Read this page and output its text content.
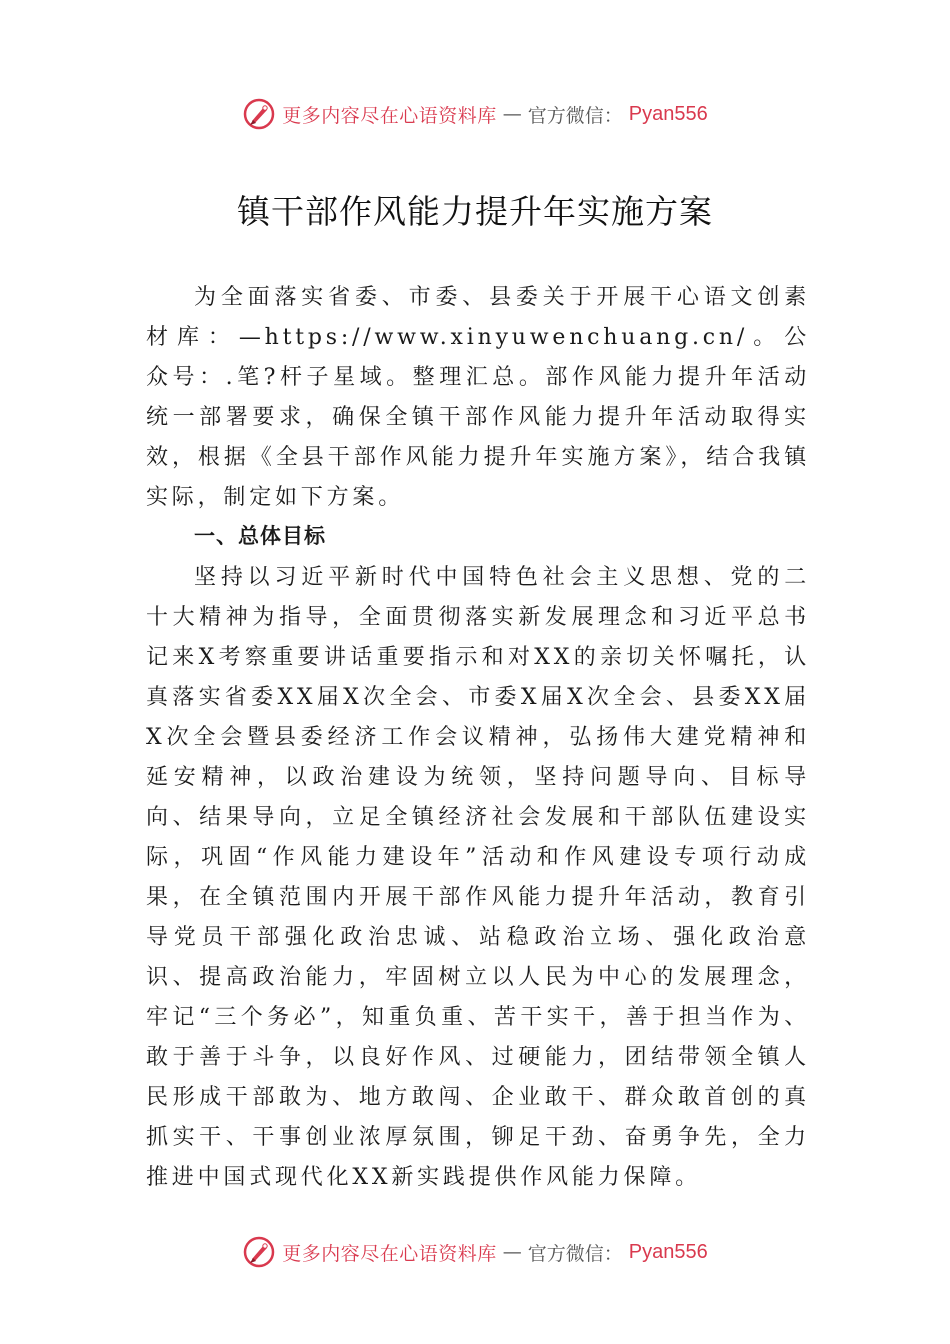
更多内容尽在心语资料库 — 官方微信： Pyan556
镇干部作风能力提升年实施方案

为全面落实省委、市委、县委关于开展干心语文创素材库：—https://www.xinyuwenchuang.cn/。公众号：.笔?杆子星域。整理汇总。部作风能力提升年活动统一部署要求，确保全镇干部作风能力提升年活动取得实效，根据《全县干部作风能力提升年实施方案》，结合我镇实际，制定如下方案。

一、总体目标

坚持以习近平新时代中国特色社会主义思想、党的二十大精神为指导，全面贯彻落实新发展理念和习近平总书记来X考察重要讲话重要指示和对XX的亲切关怀嘱托，认真落实省委XX届X次全会、市委X届X次全会、县委XX届X次全会暨县委经济工作会议精神，弘扬伟大建党精神和延安精神，以政治建设为统领，坚持问题导向、目标导向、结果导向，立足全镇经济社会发展和干部队伍建设实际，巩固“作风能力建设年”活动和作风建设专项行动成果，在全镇范围内开展干部作风能力提升年活动，教育引导党员干部强化政治忠诚、站稳政治立场、强化政治意识、提高政治能力，牢固树立以人民为中心的发展理念，牢记“三个务必”，知重负重、苦干实干，善于担当作为、敢于善于斗争，以良好作风、过硬能力，团结带领全镇人民形成干部敢为、地方敢闯、企业敢干、群众敢首创的真抓实干、干事创业浓厚氛围，铆足干劲、奋勇争先，全力推进中国式现代化XX新实践提供作风能力保障。

更多内容尽在心语资料库 — 官方微信： Pyan556
